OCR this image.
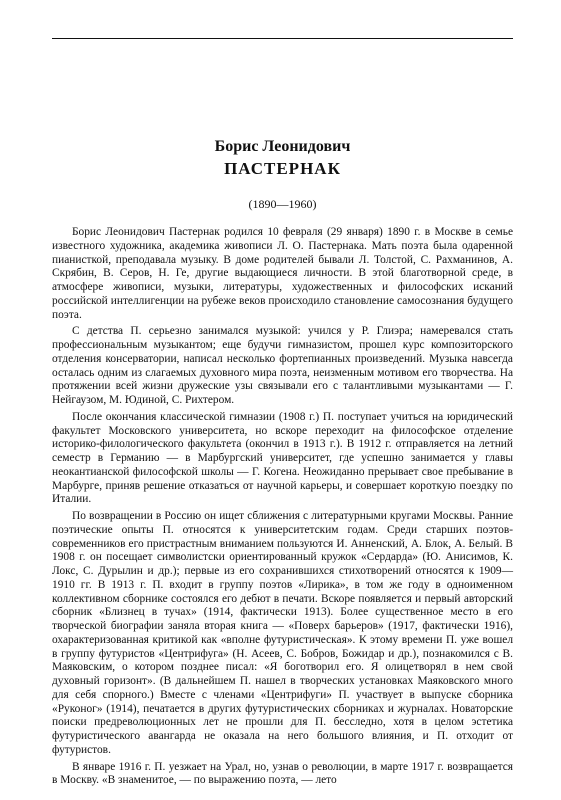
Борис Леонидович
ПАСТЕРНАК
(1890—1960)

Борис Леонидович Пастернак родился 10 февраля (29 января) 1890 г. в Москве в семье известного художника, академика живописи Л. О. Пастернака. Мать поэта была одаренной пианисткой, преподавала музыку. В доме родителей бывали Л. Толстой, С. Рахманинов, А. Скрябин, В. Серов, Н. Ге, другие выдающиеся личности. В этой благотворной среде, в атмосфере живописи, музыки, литературы, художественных и философских исканий российской интеллигенции на рубеже веков происходило становление самосознания будущего поэта.

С детства П. серьезно занимался музыкой: учился у Р. Глиэра; намеревался стать профессиональным музыкантом; еще будучи гимназистом, прошел курс композиторского отделения консерватории, написал несколько фортепианных произведений. Музыка навсегда осталась одним из слагаемых духовного мира поэта, неизменным мотивом его творчества. На протяжении всей жизни дружеские узы связывали его с талантливыми музыкантами — Г. Нейгаузом, М. Юдиной, С. Рихтером.

После окончания классической гимназии (1908 г.) П. поступает учиться на юридический факультет Московского университета, но вскоре переходит на философское отделение историко-филологического факультета (окончил в 1913 г.). В 1912 г. отправляется на летний семестр в Германию — в Марбургский университет, где успешно занимается у главы неокантианской философской школы — Г. Когена. Неожиданно прерывает свое пребывание в Марбурге, приняв решение отказаться от научной карьеры, и совершает короткую поездку по Италии.

По возвращении в Россию он ищет сближения с литературными кругами Москвы. Ранние поэтические опыты П. относятся к университетским годам. Среди старших поэтов-современников его пристрастным вниманием пользуются И. Анненский, А. Блок, А. Белый. В 1908 г. он посещает символистски ориентированный кружок «Сердарда» (Ю. Анисимов, К. Локс, С. Дурылин и др.); первые из его сохранившихся стихотворений относятся к 1909—1910 гг. В 1913 г. П. входит в группу поэтов «Лирика», в том же году в одноименном коллективном сборнике состоялся его дебют в печати. Вскоре появляется и первый авторский сборник «Близнец в тучах» (1914, фактически 1913). Более существенное место в его творческой биографии заняла вторая книга — «Поверх барьеров» (1917, фактически 1916), охарактеризованная критикой как «вполне футуристическая». К этому времени П. уже вошел в группу футуристов «Центрифуга» (Н. Асеев, С. Бобров, Божидар и др.), познакомился с В. Маяковским, о котором позднее писал: «Я боготворил его. Я олицетворял в нем свой духовный горизонт». (В дальнейшем П. нашел в творческих установках Маяковского много для себя спорного.) Вместе с членами «Центрифуги» П. участвует в выпуске сборника «Руконог» (1914), печатается в других футуристических сборниках и журналах. Новаторские поиски предреволюционных лет не прошли для П. бесследно, хотя в целом эстетика футуристического авангарда не оказала на него большого влияния, и П. отходит от футуристов.

В январе 1916 г. П. уезжает на Урал, но, узнав о революции, в марте 1917 г. возвращается в Москву. «В знаменитое, — по выражению поэта, — лето
